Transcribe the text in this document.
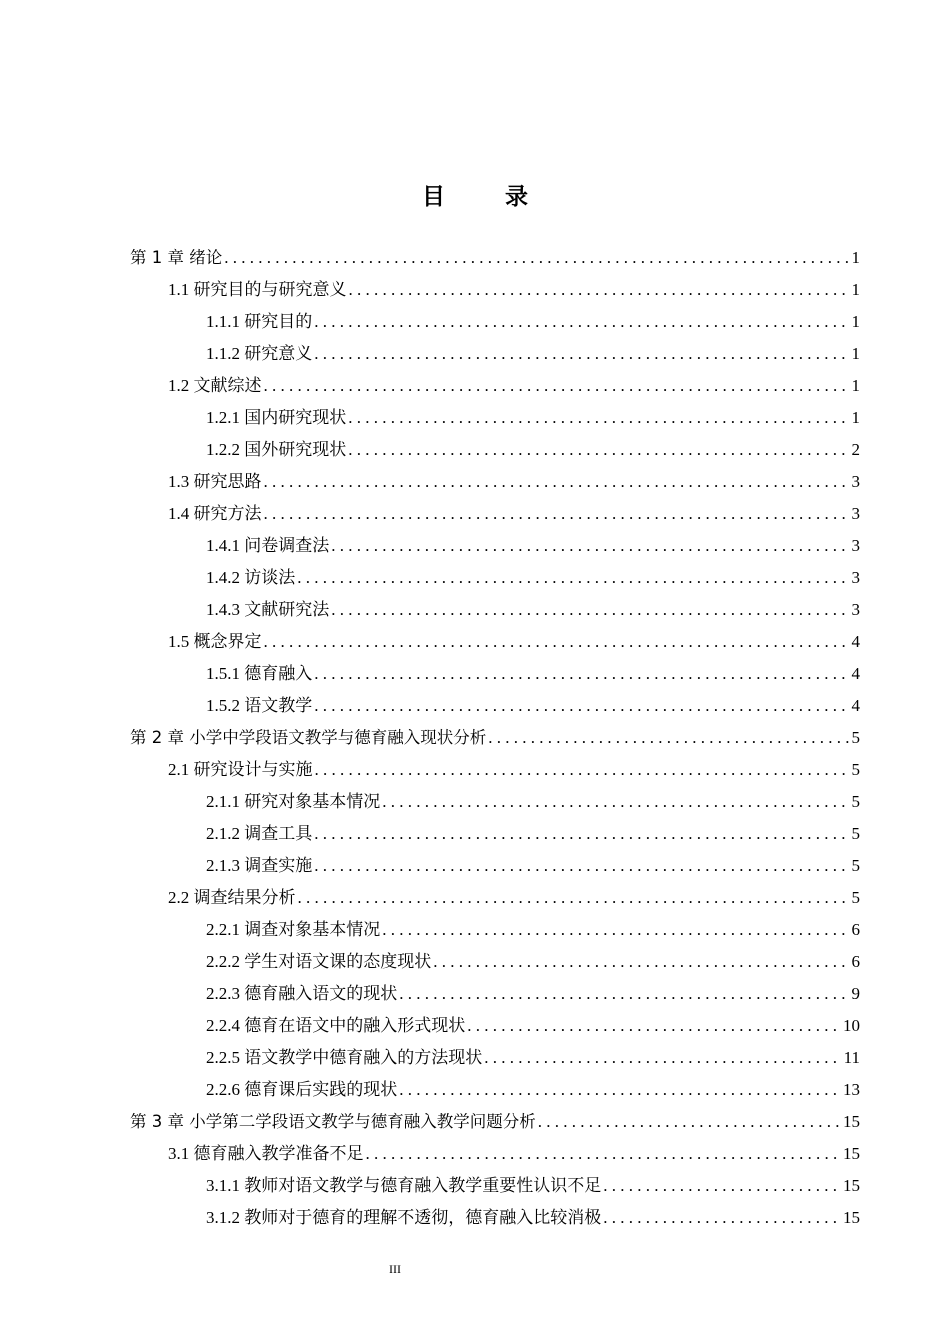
目 录
第 1 章 绪论 . . .	1
1.1 研究目的与研究意义 . . .	1
1.1.1 研究目的 . . .	1
1.1.2 研究意义 . . .	1
1.2 文献综述 . . .	1
1.2.1 国内研究现状 . . .	1
1.2.2 国外研究现状 . . .	2
1.3 研究思路 . . .	3
1.4 研究方法 . . .	3
1.4.1 问卷调查法 . . .	3
1.4.2 访谈法 . . .	3
1.4.3 文献研究法 . . .	3
1.5 概念界定 . . .	4
1.5.1 德育融入 . . .	4
1.5.2 语文教学 . . .	4
第 2 章 小学中学段语文教学与德育融入现状分析 . . .	5
2.1 研究设计与实施 . . .	5
2.1.1 研究对象基本情况 . . .	5
2.1.2 调查工具 . . .	5
2.1.3 调查实施 . . .	5
2.2 调查结果分析 . . .	5
2.2.1 调查对象基本情况 . . .	6
2.2.2 学生对语文课的态度现状 . . .	6
2.2.3 德育融入语文的现状 . . .	9
2.2.4 德育在语文中的融入形式现状 . . .	10
2.2.5 语文教学中德育融入的方法现状 . . .	11
2.2.6 德育课后实践的现状 . . .	13
第 3 章 小学第二学段语文教学与德育融入教学问题分析 . . .	15
3.1 德育融入教学准备不足 . . .	15
3.1.1 教师对语文教学与德育融入教学重要性认识不足 . . .	15
3.1.2 教师对于德育的理解不透彻，德育融入比较消极 . . .	15
III
